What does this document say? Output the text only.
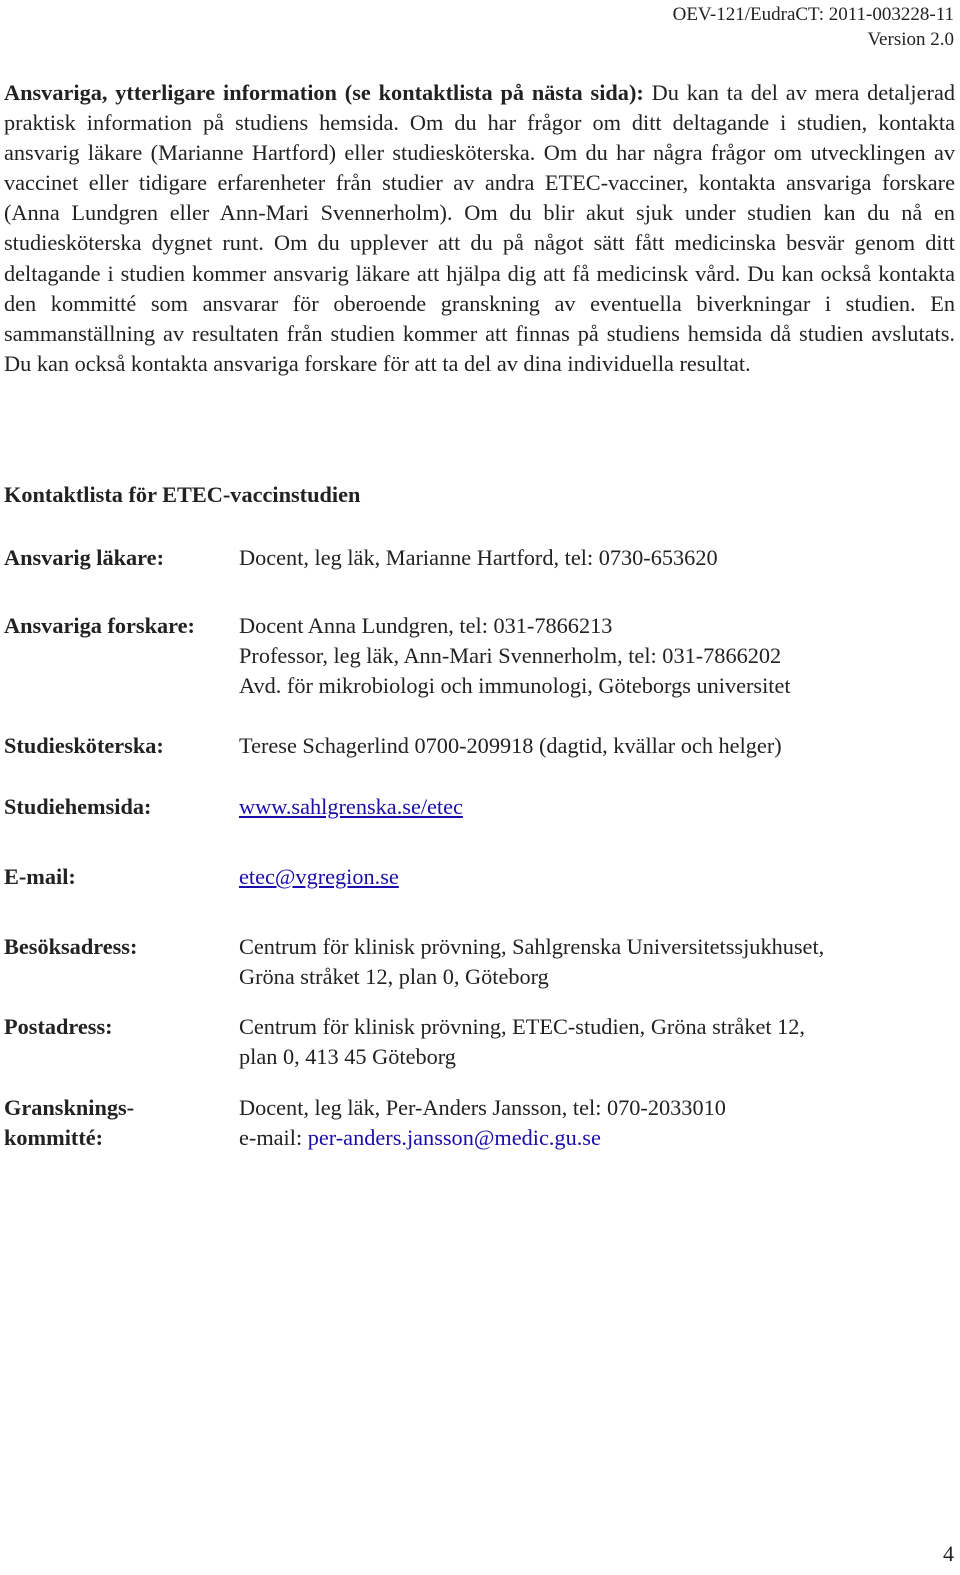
OEV-121/EudraCT: 2011-003228-11
Version 2.0

Ansvariga, ytterligare information (se kontaktlista på nästa sida): Du kan ta del av mera detaljerad praktisk information på studiens hemsida. Om du har frågor om ditt deltagande i studien, kontakta ansvarig läkare (Marianne Hartford) eller studiesköterska. Om du har några frågor om utvecklingen av vaccinet eller tidigare erfarenheter från studier av andra ETEC-vacciner, kontakta ansvariga forskare (Anna Lundgren eller Ann-Mari Svennerholm). Om du blir akut sjuk under studien kan du nå en studiesköterska dygnet runt. Om du upplever att du på något sätt fått medicinska besvär genom ditt deltagande i studien kommer ansvarig läkare att hjälpa dig att få medicinsk vård. Du kan också kontakta den kommitté som ansvarar för oberoende granskning av eventuella biverkningar i studien. En sammanställning av resultaten från studien kommer att finnas på studiens hemsida då studien avslutats. Du kan också kontakta ansvariga forskare för att ta del av dina individuella resultat.

Kontaktlista för ETEC-vaccinstudien
Ansvarig läkare:	Docent, leg läk, Marianne Hartford, tel: 0730-653620
Ansvariga forskare: Docent Anna Lundgren, tel: 031-7866213
Professor, leg läk, Ann-Mari Svennerholm, tel: 031-7866202
Avd. för mikrobiologi och immunologi, Göteborgs universitet
Studiesköterska:	Terese Schagerlind 0700-209918 (dagtid, kvällar och helger)
Studiehemsida:	www.sahlgrenska.se/etec
E-mail:	etec@vgregion.se
Besöksadress:	Centrum för klinisk prövning, Sahlgrenska Universitetssjukhuset,
Gröna stråket 12, plan 0, Göteborg
Postadress:	Centrum för klinisk prövning, ETEC-studien, Gröna stråket 12,
plan 0, 413 45 Göteborg
Gransknings-
kommitté:
Docent, leg läk, Per-Anders Jansson, tel: 070-2033010
e-mail: per-anders.jansson@medic.gu.se
4
